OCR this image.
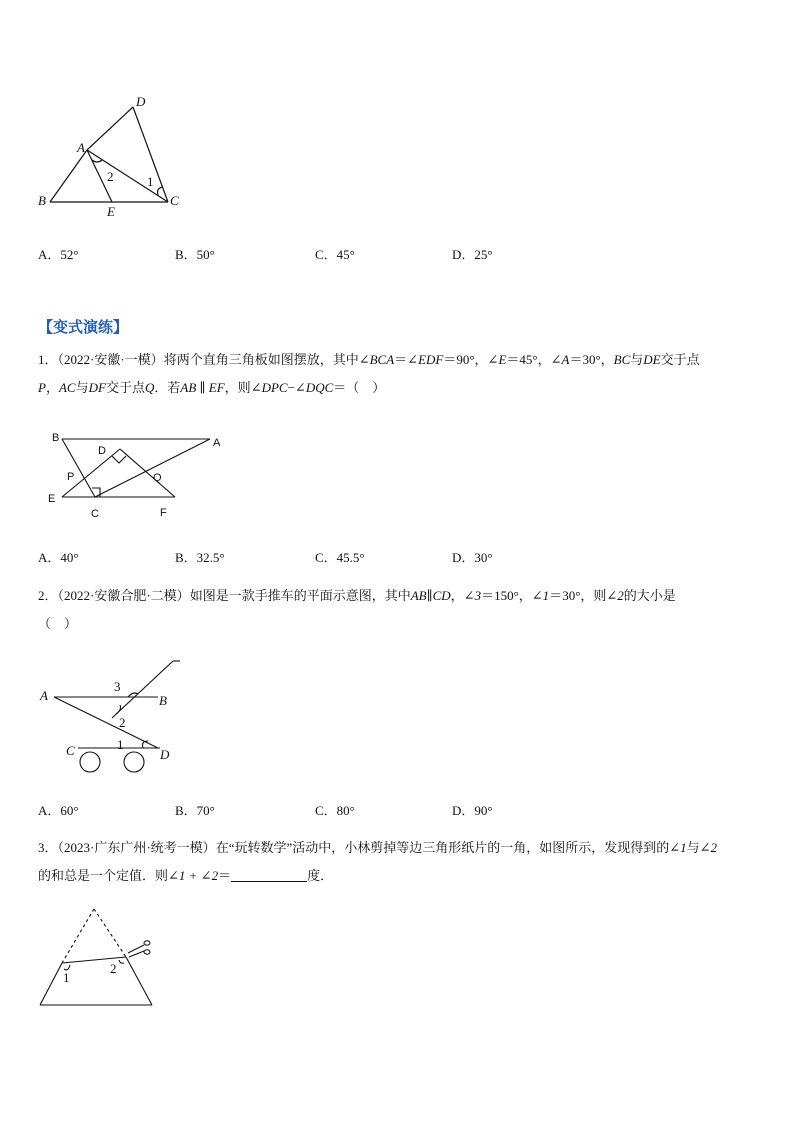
D
A
B	C
E
2	1
A．52°	B．50°	C．45°	D．25°
【变式演练】
1．（2022·安徽·一模）将两个直角三角板如图摆放，其中∠BCA＝∠EDF＝90°，∠E＝45°，∠A＝30°，BC与DE交于点
P，AC与DF交于点Q．若AB ∥ EF，则∠DPC−∠DQC＝（　）
B	A
D
P	Q
E
C	F
A．40°	B．32.5°	C．45.5°	D．30°
2．（2022·安徽合肥·二模）如图是一款手推车的平面示意图，其中AB∥CD，∠3＝150°，∠1＝30°，则∠2的大小是
（　）
A	B
C	D
3
2
1
A．60°	B．70°	C．80°	D．90°
3．（2023·广东广州·统考一模）在“玩转数学”活动中，小林剪掉等边三角形纸片的一角，如图所示，发现得到的∠1与∠2
的和总是一个定值．则∠1 + ∠2＝	度．
1
2
